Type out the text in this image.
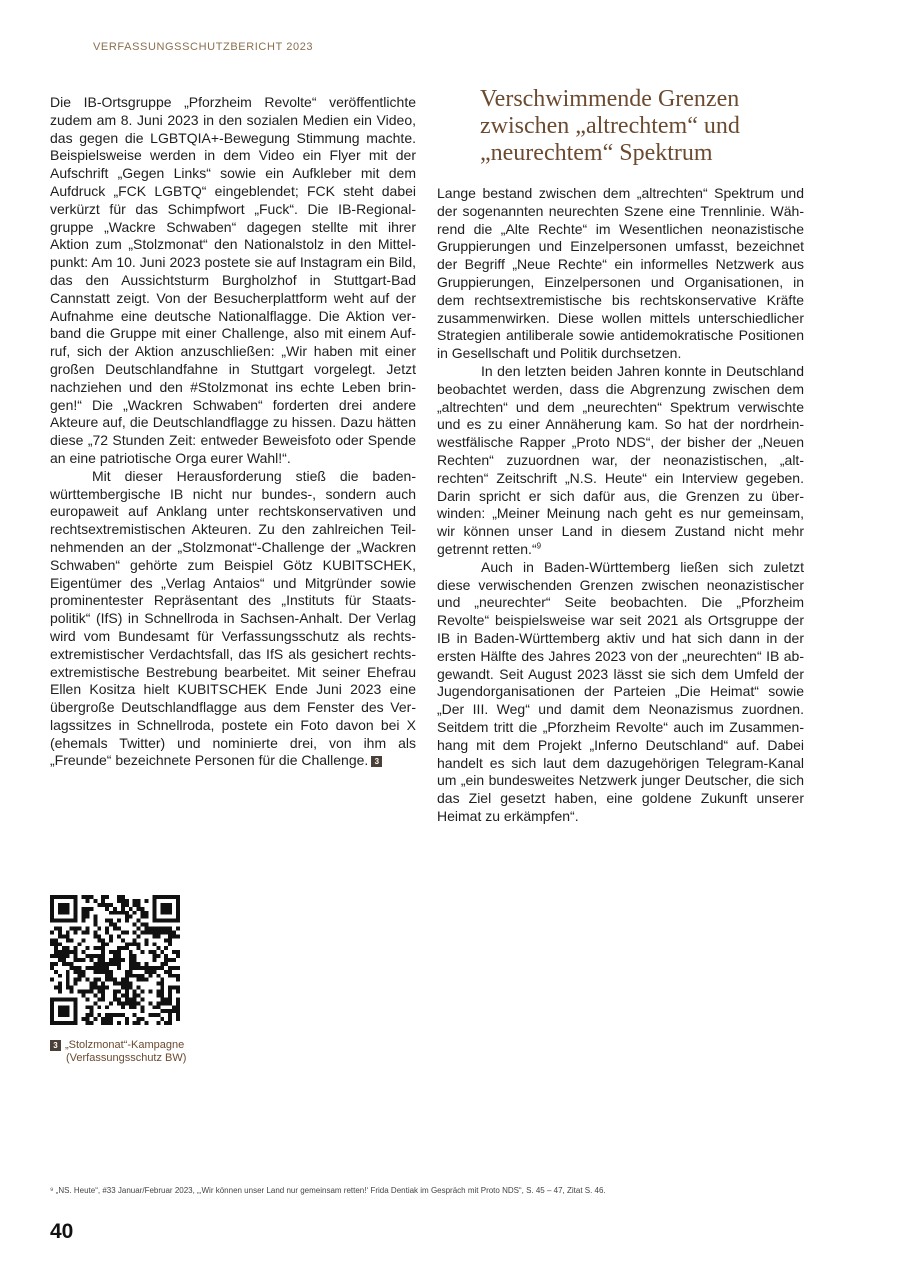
VERFASSUNGSSCHUTZBERICHT 2023

Die IB-Ortsgruppe „Pforzheim Revolte“ veröffentlichte zudem am 8. Juni 2023 in den sozialen Medien ein Video, das gegen die LGBTQIA+-Bewegung Stimmung machte. Beispielsweise werden in dem Video ein Flyer mit der Aufschrift „Gegen Links“ sowie ein Aufkleber mit dem Aufdruck „FCK LGBTQ“ eingeblendet; FCK steht dabei verkürzt für das Schimpfwort „Fuck“. Die IB-Regionalgruppe „Wackre Schwaben“ dagegen stellte mit ihrer Aktion zum „Stolzmonat“ den Nationalstolz in den Mittelpunkt: Am 10. Juni 2023 postete sie auf Instagram ein Bild, das den Aussichtsturm Burgholzhof in Stuttgart-Bad Cannstatt zeigt. Von der Besucherplattform weht auf der Aufnahme eine deutsche Nationalflagge. Die Aktion verband die Gruppe mit einer Challenge, also mit einem Aufruf, sich der Aktion anzuschließen: „Wir haben mit einer großen Deutschlandfahne in Stuttgart vorgelegt. Jetzt nachziehen und den #Stolzmonat ins echte Leben bringen!“ Die „Wackren Schwaben“ forderten drei andere Akteure auf, die Deutschlandflagge zu hissen. Dazu hätten diese „72 Stunden Zeit: entweder Beweisfoto oder Spende an eine patriotische Orga eurer Wahl!“.

Mit dieser Herausforderung stieß die baden-württembergische IB nicht nur bundes-, sondern auch europaweit auf Anklang unter rechtskonservativen und rechtsextremistischen Akteuren. Zu den zahlreichen Teilnehmenden an der „Stolzmonat“-Challenge der „Wackren Schwaben“ gehörte zum Beispiel Götz KUBITSCHEK, Eigentümer des „Verlag Antaios“ und Mitgründer sowie prominentester Repräsentant des „Instituts für Staatspolitik“ (IfS) in Schnellroda in Sachsen-Anhalt. Der Verlag wird vom Bundesamt für Verfassungsschutz als rechtsextremistischer Verdachtsfall, das IfS als gesichert rechtsextremistische Bestrebung bearbeitet. Mit seiner Ehefrau Ellen Kositza hielt KUBITSCHEK Ende Juni 2023 eine übergroße Deutschlandflagge aus dem Fenster des Verlagssitzes in Schnellroda, postete ein Foto davon bei X (ehemals Twitter) und nominierte drei, von ihm als „Freunde“ bezeichnete Personen für die Challenge. 3

Verschwimmende Grenzen zwischen „altrechtem“ und „neurechtem“ Spektrum

Lange bestand zwischen dem „altrechten“ Spektrum und der sogenannten neurechten Szene eine Trennlinie. Während die „Alte Rechte“ im Wesentlichen neonazistische Gruppierungen und Einzelpersonen umfasst, bezeichnet der Begriff „Neue Rechte“ ein informelles Netzwerk aus Gruppierungen, Einzelpersonen und Organisationen, in dem rechtsextremistische bis rechtskonservative Kräfte zusammenwirken. Diese wollen mittels unterschiedlicher Strategien antiliberale sowie antidemokratische Positionen in Gesellschaft und Politik durchsetzen.

In den letzten beiden Jahren konnte in Deutschland beobachtet werden, dass die Abgrenzung zwischen dem „altrechten“ und dem „neurechten“ Spektrum verwischte und es zu einer Annäherung kam. So hat der nordrhein-westfälische Rapper „Proto NDS“, der bisher der „Neuen Rechten“ zuzuordnen war, der neonazistischen, „altrechten“ Zeitschrift „N.S. Heute“ ein Interview gegeben. Darin spricht er sich dafür aus, die Grenzen zu überwinden: „Meiner Meinung nach geht es nur gemeinsam, wir können unser Land in diesem Zustand nicht mehr getrennt retten.“$^9$

Auch in Baden-Württemberg ließen sich zuletzt diese verwischenden Grenzen zwischen neonazistischer und „neurechter“ Seite beobachten. Die „Pforzheim Revolte“ beispielsweise war seit 2021 als Ortsgruppe der IB in Baden-Württemberg aktiv und hat sich dann in der ersten Hälfte des Jahres 2023 von der „neurechten“ IB abgewandt. Seit August 2023 lässt sie sich dem Umfeld der Jugendorganisationen der Parteien „Die Heimat“ sowie „Der III. Weg“ und damit dem Neonazismus zuordnen. Seitdem tritt die „Pforzheim Revolte“ auch im Zusammenhang mit dem Projekt „Inferno Deutschland“ auf. Dabei handelt es sich laut dem dazugehörigen Telegram-Kanal um „ein bundesweites Netzwerk junger Deutscher, die sich das Ziel gesetzt haben, eine goldene Zukunft unserer Heimat zu erkämpfen“.

3 „Stolzmonat“-Kampagne
(Verfassungsschutz BW)
⁹ „NS. Heute“, #33 Januar/Februar 2023, „‚Wir können unser Land nur gemeinsam retten!‘ Frida Dentiak im Gespräch mit Proto NDS“, S. 45 – 47, Zitat S. 46.
40
